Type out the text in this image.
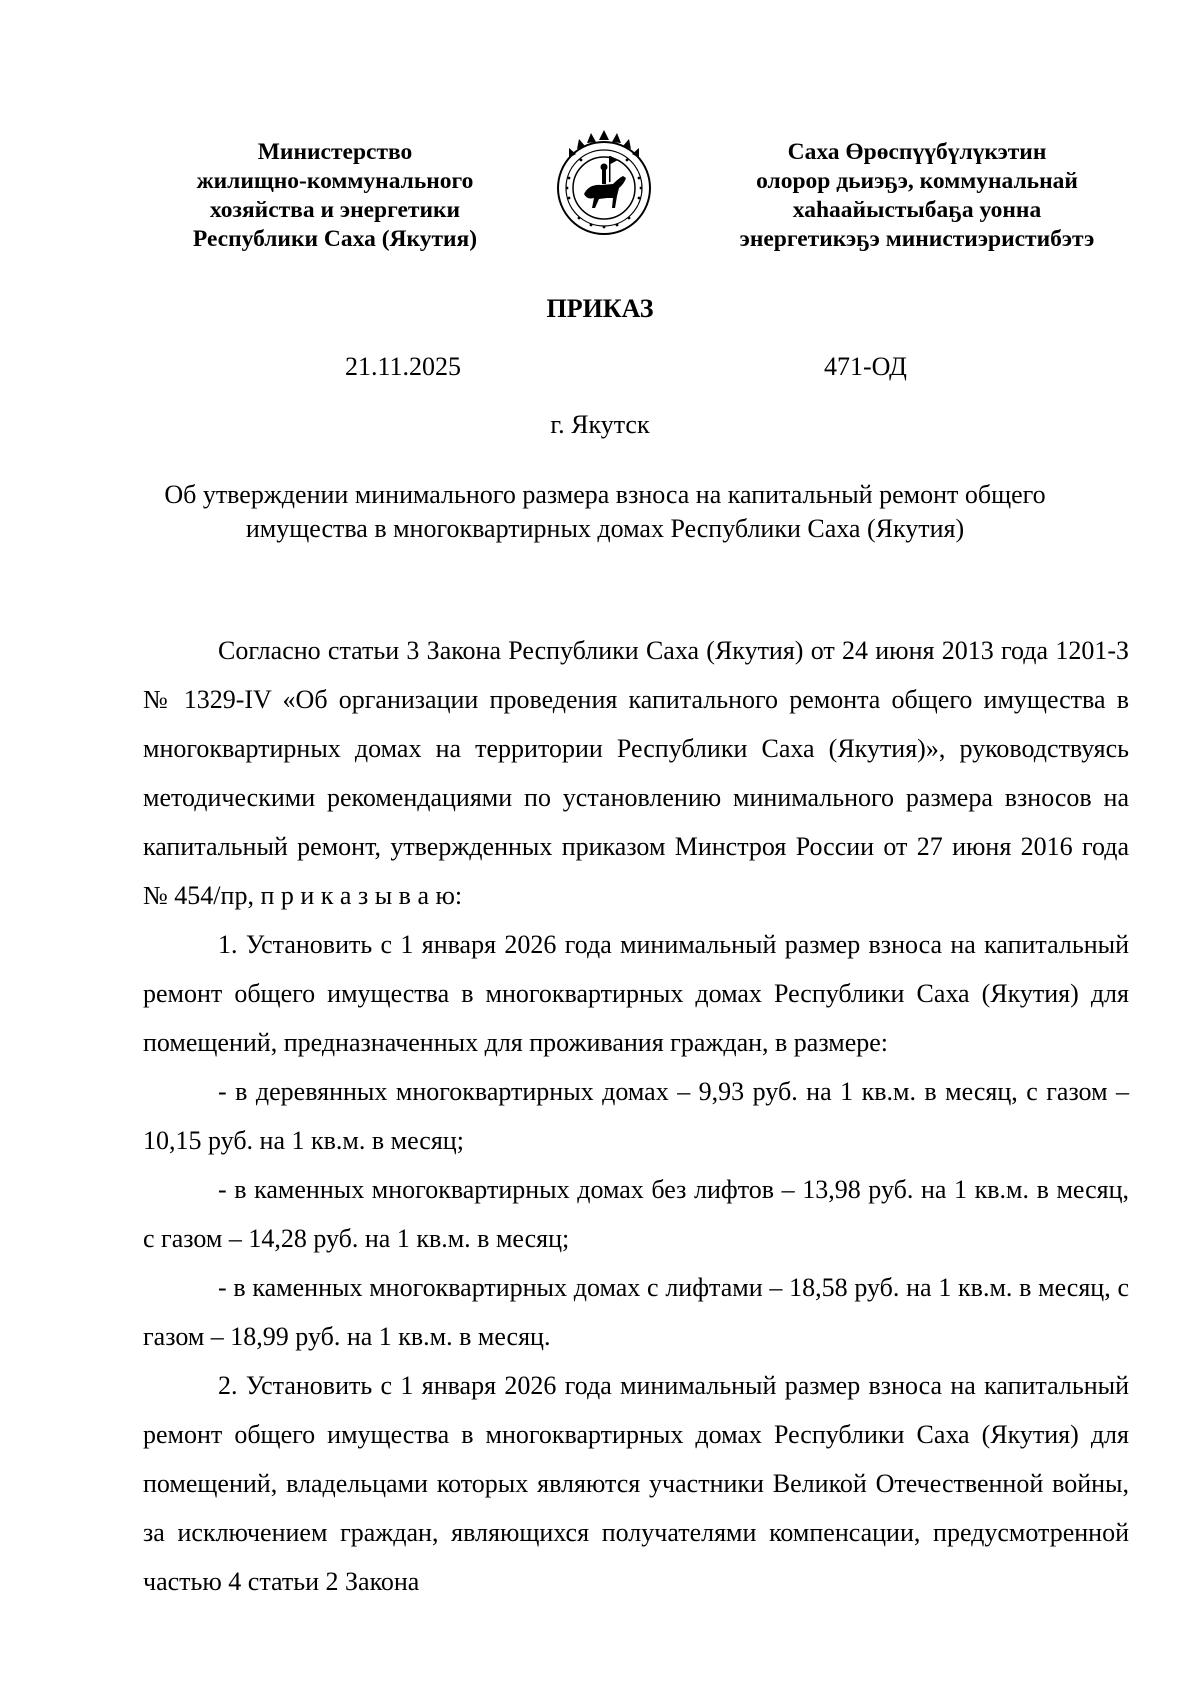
Министерство
жилищно-коммунального
хозяйства и энергетики
Республики Саха (Якутия)
Саха Өрөспүүбүлүкэтин
олорор дьиэҕэ, коммунальнай
хаһаайыстыбаҕа уонна
энергетикэҕэ министиэристибэтэ
ПРИКАЗ
21.11.2025	471-ОД
г. Якутск
Об утверждении минимального размера взноса на капитальный ремонт общего имущества в многоквартирных домах Республики Саха (Якутия)

Согласно статьи 3 Закона Республики Саха (Якутия) от 24 июня 2013 года 1201-З № 1329-IV «Об организации проведения капитального ремонта общего имущества в многоквартирных домах на территории Республики Саха (Якутия)», руководствуясь методическими рекомендациями по установлению минимального размера взносов на капитальный ремонт, утвержденных приказом Минстроя России от 27 июня 2016 года № 454/пр, п р и к а з ы в а ю:

1. Установить с 1 января 2026 года минимальный размер взноса на капитальный ремонт общего имущества в многоквартирных домах Республики Саха (Якутия) для помещений, предназначенных для проживания граждан, в размере:

- в деревянных многоквартирных домах – 9,93 руб. на 1 кв.м. в месяц, с газом – 10,15 руб. на 1 кв.м. в месяц;

- в каменных многоквартирных домах без лифтов – 13,98 руб. на 1 кв.м. в месяц, с газом – 14,28 руб. на 1 кв.м. в месяц;

- в каменных многоквартирных домах с лифтами – 18,58 руб. на 1 кв.м. в месяц, с газом – 18,99 руб. на 1 кв.м. в месяц.

2. Установить с 1 января 2026 года минимальный размер взноса на капитальный ремонт общего имущества в многоквартирных домах Республики Саха (Якутия) для помещений, владельцами которых являются участники Великой Отечественной войны, за исключением граждан, являющихся получателями компенсации, предусмотренной частью 4 статьи 2 Закона
